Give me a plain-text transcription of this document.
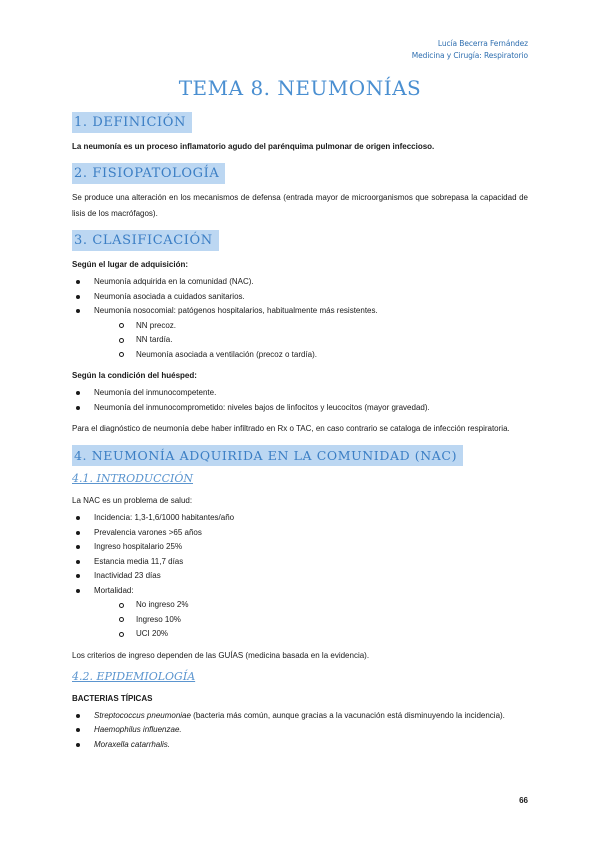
Lucía Becerra Fernández
Medicina y Cirugía: Respiratorio
TEMA 8. NEUMONÍAS
1. DEFINICIÓN

La neumonía es un proceso inflamatorio agudo del parénquima pulmonar de origen infeccioso.

2. FISIOPATOLOGÍA

Se produce una alteración en los mecanismos de defensa (entrada mayor de microorganismos que sobrepasa la capacidad de lisis de los macrófagos).

3. CLASIFICACIÓN

Según el lugar de adquisición:

Neumonía adquirida en la comunidad (NAC).
Neumonía asociada a cuidados sanitarios.
Neumonía nosocomial: patógenos hospitalarios, habitualmente más resistentes.
NN precoz.
NN tardía.
Neumonía asociada a ventilación (precoz o tardía).

Según la condición del huésped:

Neumonía del inmunocompetente.
Neumonía del inmunocomprometido: niveles bajos de linfocitos y leucocitos (mayor gravedad).

Para el diagnóstico de neumonía debe haber infiltrado en Rx o TAC, en caso contrario se cataloga de infección respiratoria.

4. NEUMONÍA ADQUIRIDA EN LA COMUNIDAD (NAC)
4.1. INTRODUCCIÓN

La NAC es un problema de salud:

Incidencia: 1,3-1,6/1000 habitantes/año
Prevalencia varones >65 años
Ingreso hospitalario 25%
Estancia media 11,7 días
Inactividad 23 días
Mortalidad:
No ingreso 2%
Ingreso 10%
UCI 20%

Los criterios de ingreso dependen de las GUÍAS (medicina basada en la evidencia).

4.2. EPIDEMIOLOGÍA

BACTERIAS TÍPICAS

Streptococcus pneumoniae (bacteria más común, aunque gracias a la vacunación está disminuyendo la incidencia).
Haemophilus influenzae.
Moraxella catarrhalis.
66
